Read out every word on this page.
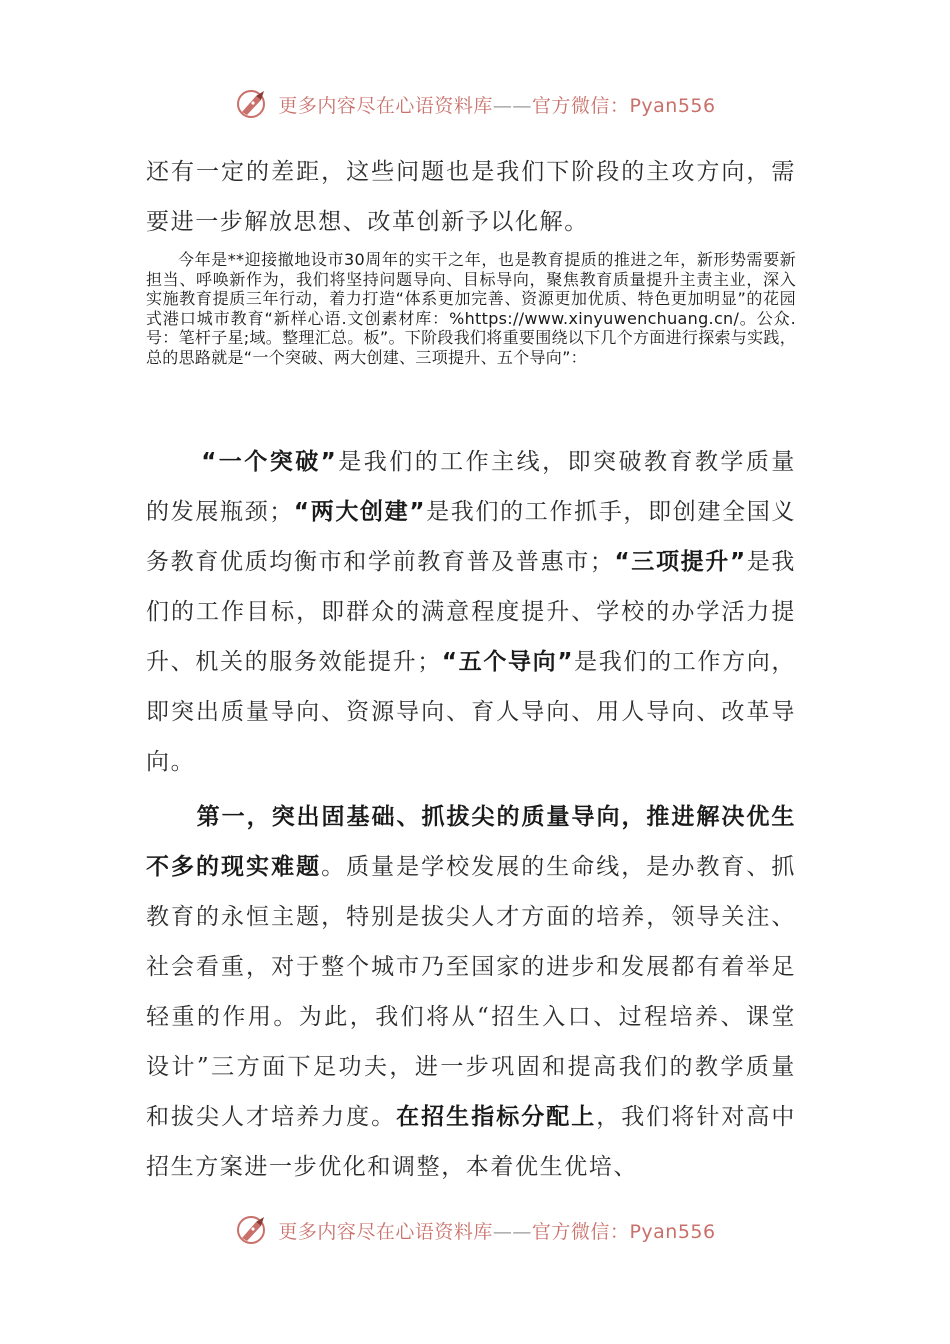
更多内容尽在心语资料库——官方微信：Pyan556

还有一定的差距，这些问题也是我们下阶段的主攻方向，需要进一步解放思想、改革创新予以化解。

今年是**迎接撤地设市30周年的实干之年，也是教育提质的推进之年，新形势需要新担当、呼唤新作为，我们将坚持问题导向、目标导向，聚焦教育质量提升主责主业，深入实施教育提质三年行动，着力打造“体系更加完善、资源更加优质、特色更加明显”的花园式港口城市教育“新样心语.文创素材库：%https://www.xinyuwenchuang.cn/。公众.号：笔杆子星;域。整理汇总。板”。下阶段我们将重要围绕以下几个方面进行探索与实践，总的思路就是“一个突破、两大创建、三项提升、五个导向”：

“一个突破”是我们的工作主线，即突破教育教学质量的发展瓶颈；“两大创建”是我们的工作抓手，即创建全国义务教育优质均衡市和学前教育普及普惠市；“三项提升”是我们的工作目标，即群众的满意程度提升、学校的办学活力提升、机关的服务效能提升；“五个导向”是我们的工作方向，即突出质量导向、资源导向、育人导向、用人导向、改革导向。

第一，突出固基础、抓拔尖的质量导向，推进解决优生不多的现实难题。质量是学校发展的生命线，是办教育、抓教育的永恒主题，特别是拔尖人才方面的培养，领导关注、社会看重，对于整个城市乃至国家的进步和发展都有着举足轻重的作用。为此，我们将从“招生入口、过程培养、课堂设计”三方面下足功夫，进一步巩固和提高我们的教学质量和拔尖人才培养力度。在招生指标分配上，我们将针对高中招生方案进一步优化和调整，本着优生优培、

更多内容尽在心语资料库——官方微信：Pyan556
